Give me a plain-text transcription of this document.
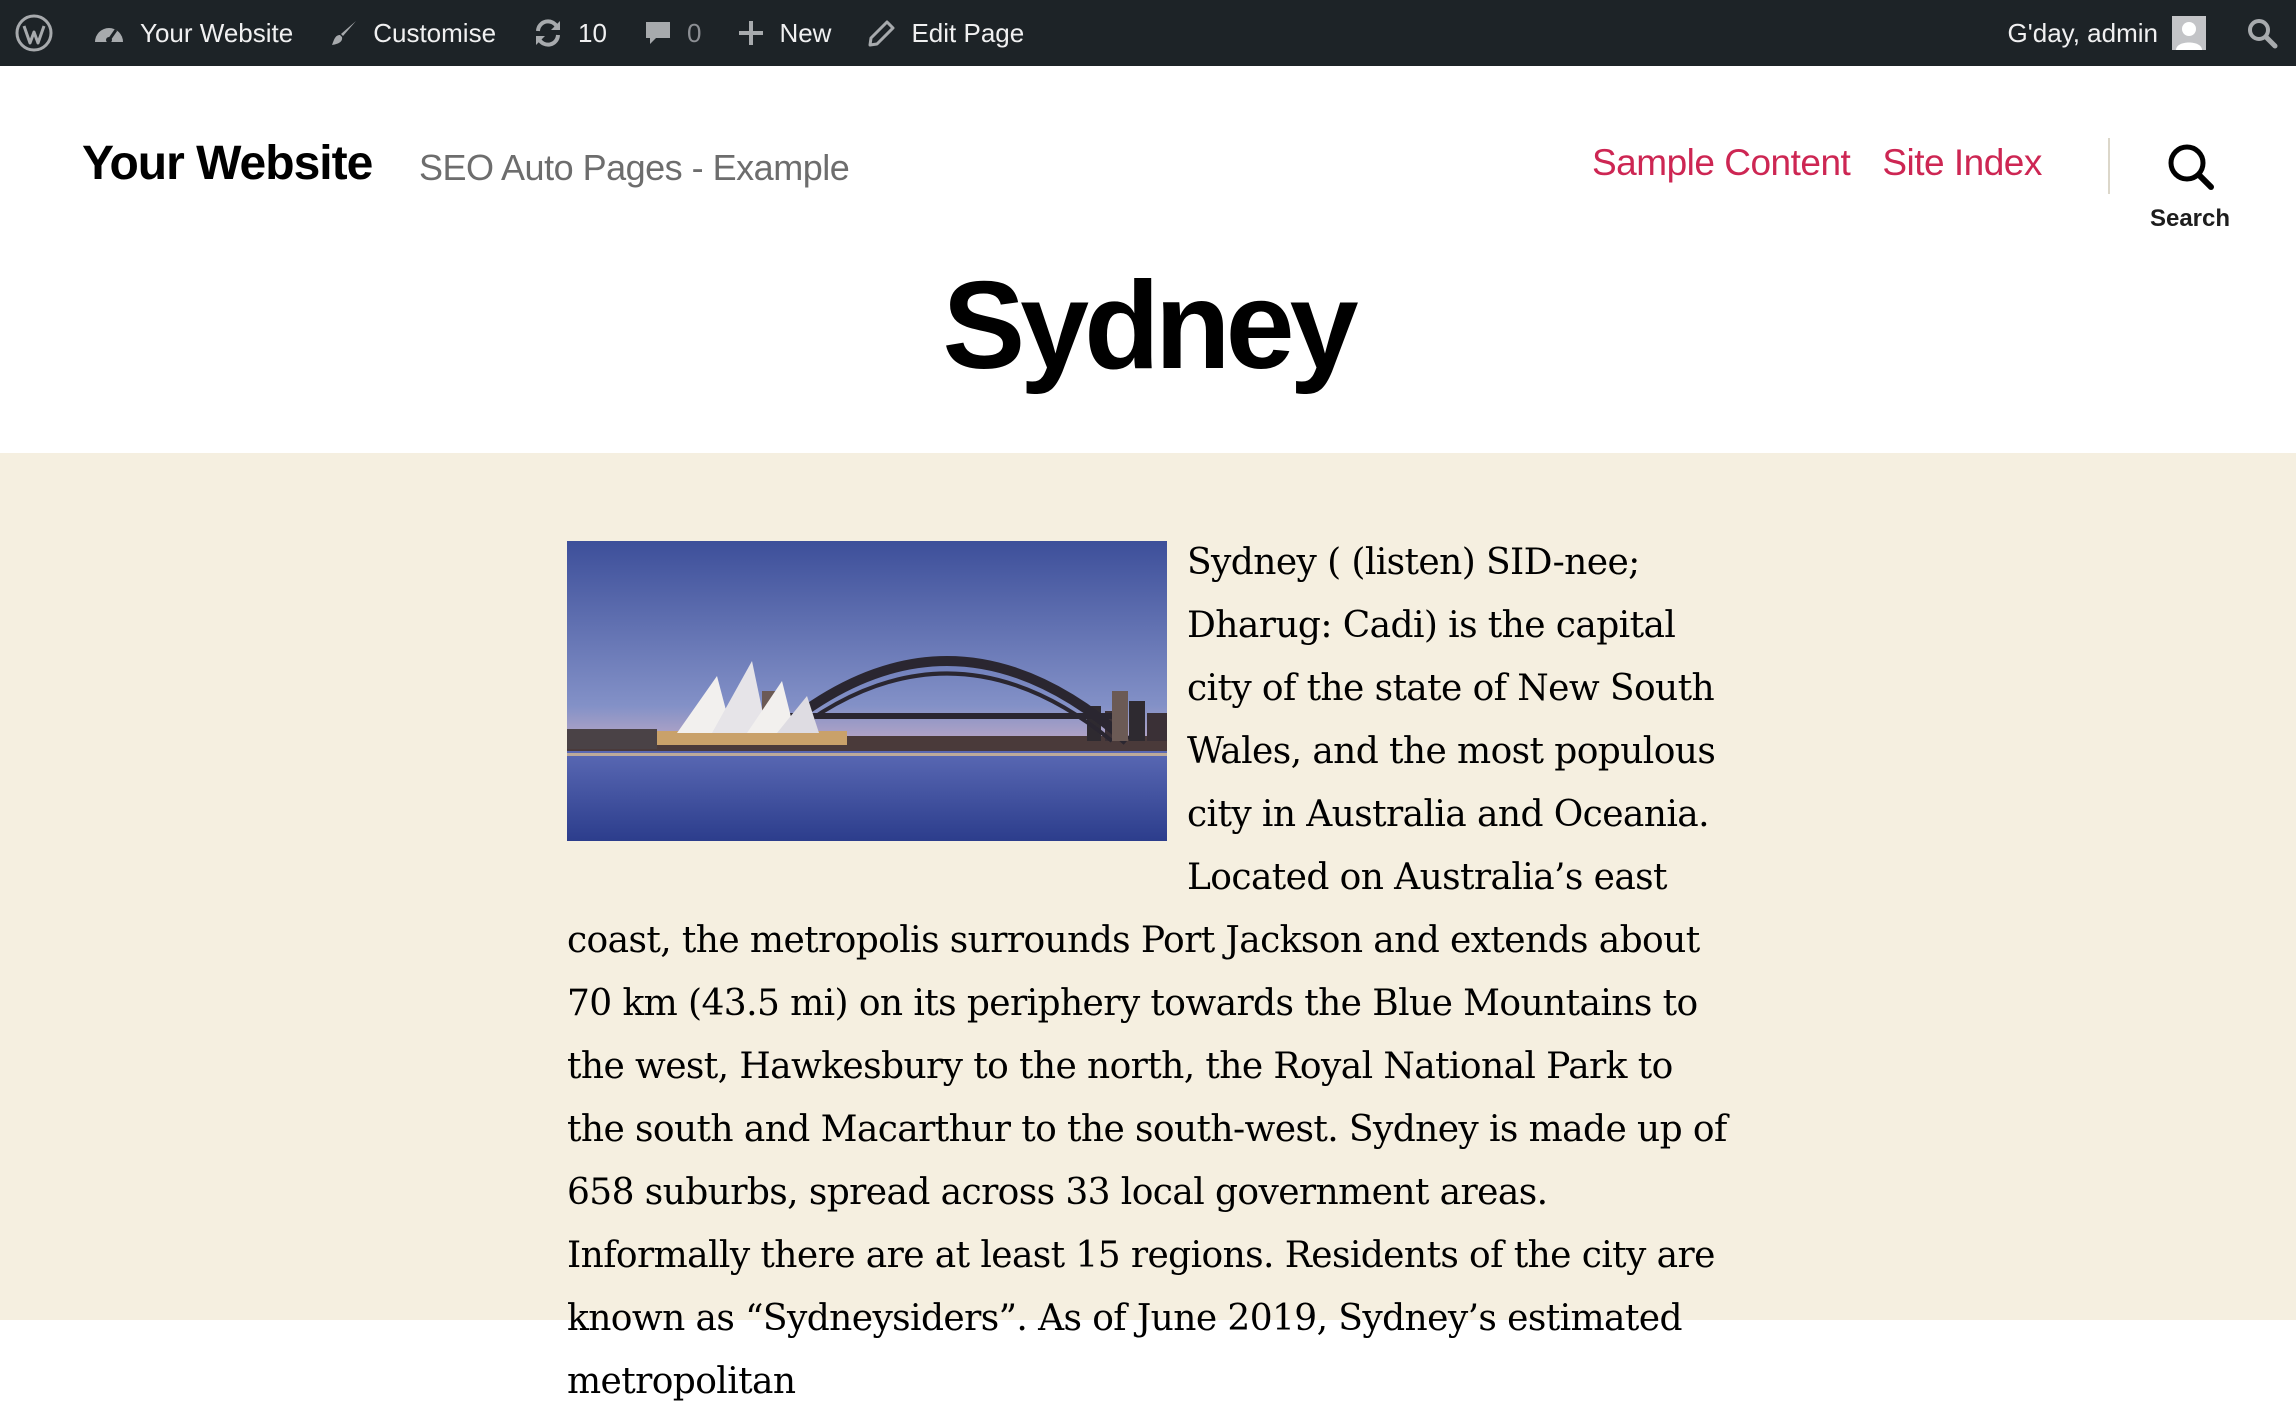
Your Website	Customise	10	0	New	Edit Page	G'day, admin
Your Website SEO Auto Pages - Example	Sample Content Site Index
Search
Sydney

Sydney ( (listen) SID-nee; Dharug: Cadi) is the capital city of the state of New South Wales, and the most populous city in Australia and Oceania. Located on Australia’s east coast, the metropolis surrounds Port Jackson and extends about 70 km (43.5 mi) on its periphery towards the Blue Mountains to the west, Hawkesbury to the north, the Royal National Park to the south and Macarthur to the south-west. Sydney is made up of 658 suburbs, spread across 33 local government areas. Informally there are at least 15 regions. Residents of the city are known as “Sydneysiders”. As of June 2019, Sydney’s estimated metropolitan
